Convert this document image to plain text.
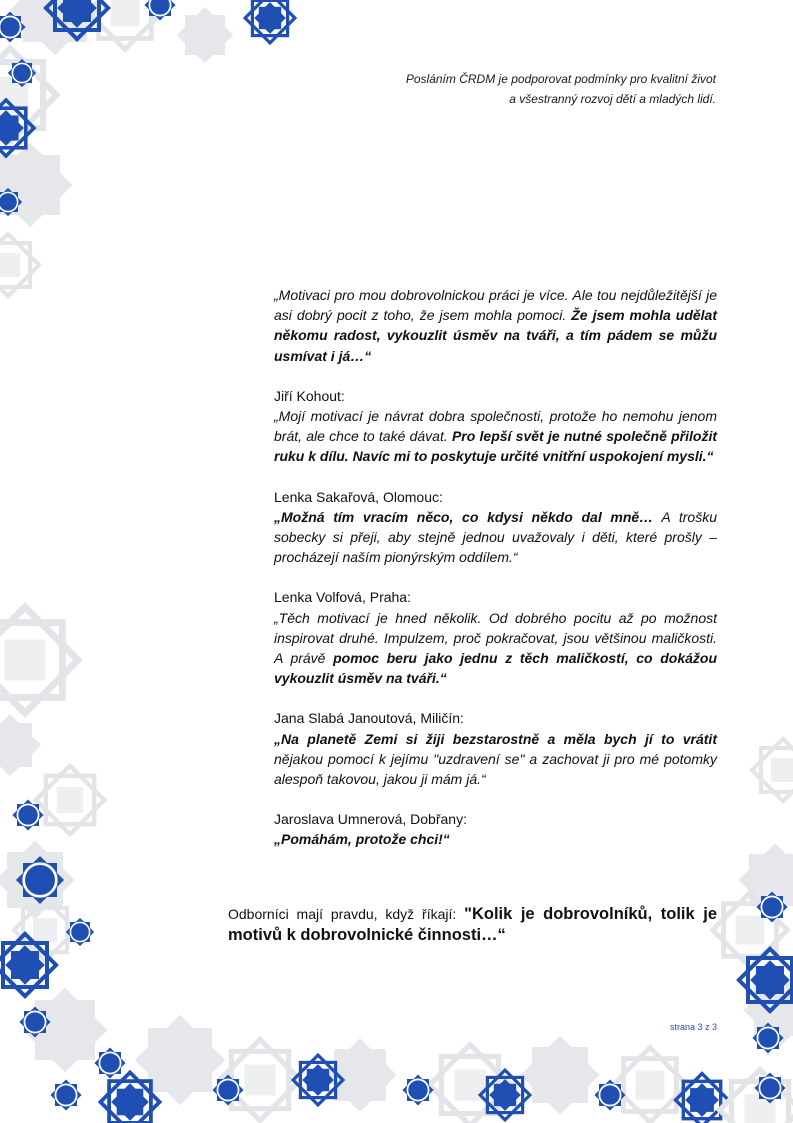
Posláním ČRDM je podporovat podmínky pro kvalitní život
a všestranný rozvoj dětí a mladých lidí.

„Motivaci pro mou dobrovolnickou práci je více. Ale tou nejdůležitější je asi dobrý pocit z toho, že jsem mohla pomoci. Že jsem mohla udělat někomu radost, vykouzlit úsměv na tváři, a tím pádem se můžu usmívat i já…“

Jiří Kohout:

„Mojí motivací je návrat dobra společnosti, protože ho nemohu jenom brát, ale chce to také dávat. Pro lepší svět je nutné společně přiložit ruku k dílu. Navíc mi to poskytuje určité vnitřní uspokojení mysli.“

Lenka Sakařová, Olomouc:

„Možná tím vracím něco, co kdysi někdo dal mně… A trošku sobecky si přeji, aby stejně jednou uvažovaly i děti, které prošly – procházejí naším pionýrským oddílem.“

Lenka Volfová, Praha:

„Těch motivací je hned několik. Od dobrého pocitu až po možnost inspirovat druhé. Impulzem, proč pokračovat, jsou většinou maličkosti. A právě pomoc beru jako jednu z těch maličkostí, co dokážou vykouzlit úsměv na tváři.“

Jana Slabá Janoutová, Miličín:

„Na planetě Zemi si žiji bezstarostně a měla bych jí to vrátit nějakou pomocí k jejímu "uzdravení se" a zachovat ji pro mé potomky alespoň takovou, jakou ji mám já.“

Jaroslava Umnerová, Dobřany:

„Pomáhám, protože chci!“

Odborníci mají pravdu, když říkají: "Kolik je dobrovolníků, tolik je motivů k dobrovolnické činnosti…“
strana 3 z 3
